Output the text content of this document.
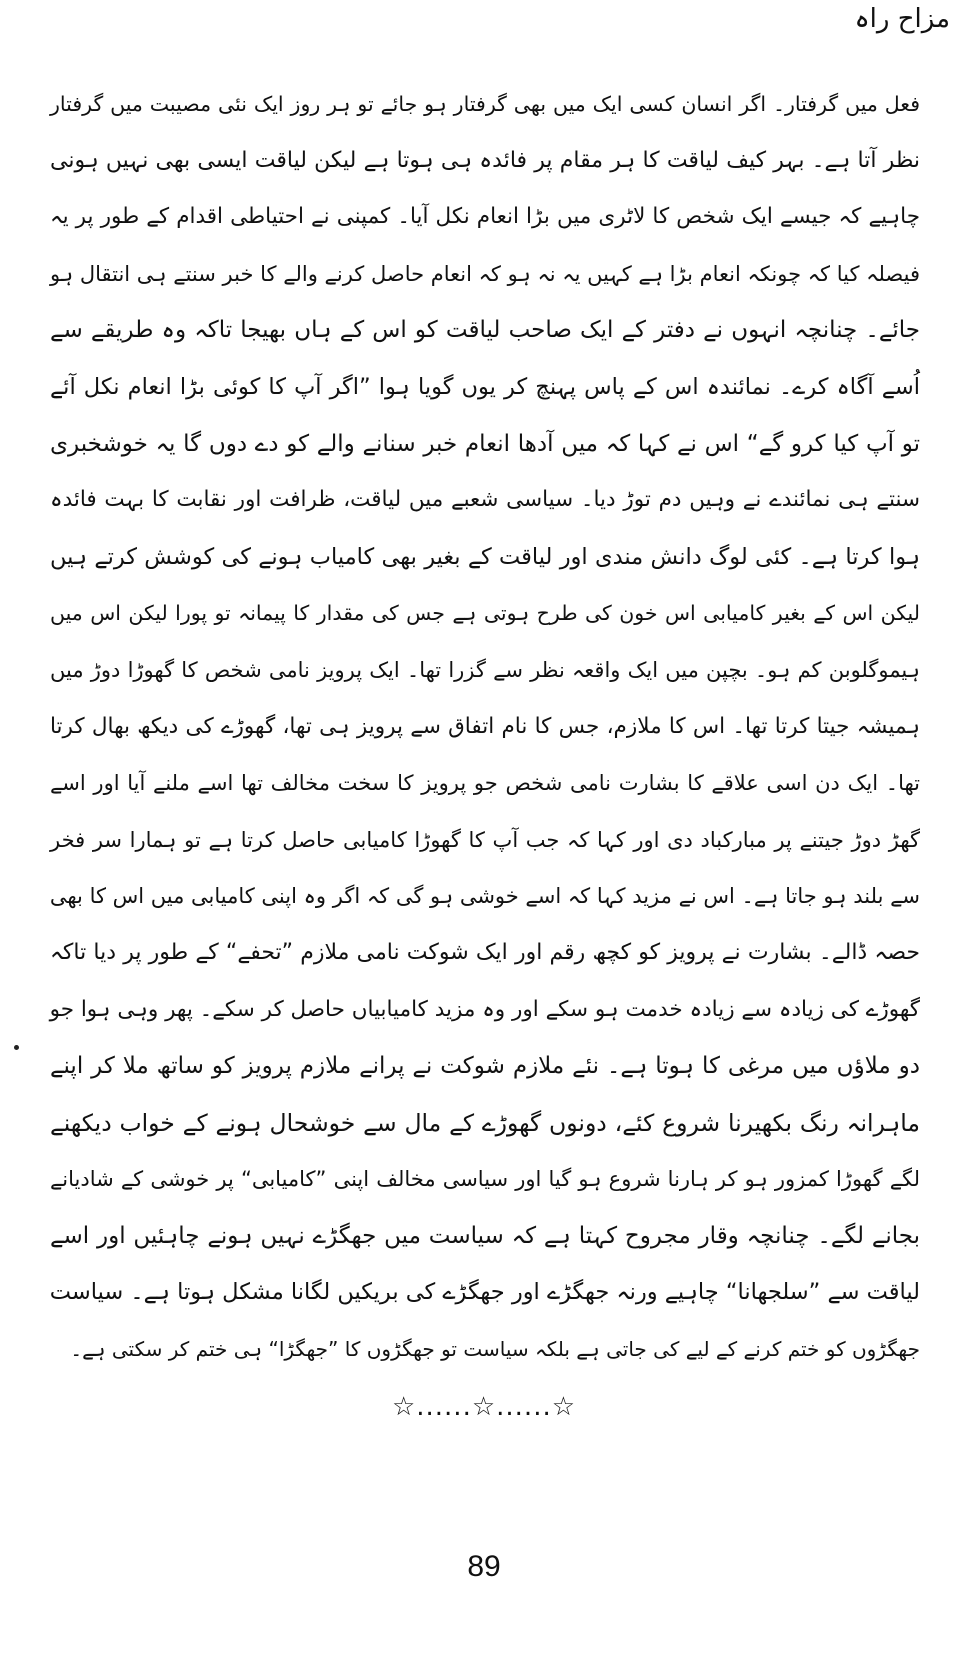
مزاح راہ
فعل میں گرفتار۔ اگر انسان کسی ایک میں بھی گرفتار ہو جائے تو ہر روز ایک نئی مصیبت میں گرفتار
نظر آتا ہے۔ بہر کیف لیاقت کا ہر مقام پر فائدہ ہی ہوتا ہے لیکن لیاقت ایسی بھی نہیں ہونی
چاہیے کہ جیسے ایک شخص کا لاٹری میں بڑا انعام نکل آیا۔ کمپنی نے احتیاطی اقدام کے طور پر یہ
فیصلہ کیا کہ چونکہ انعام بڑا ہے کہیں یہ نہ ہو کہ انعام حاصل کرنے والے کا خبر سنتے ہی انتقال ہو
جائے۔ چنانچہ انہوں نے دفتر کے ایک صاحب لیاقت کو اس کے ہاں بھیجا تاکہ وہ طریقے سے
اُسے آگاہ کرے۔ نمائندہ اس کے پاس پہنچ کر یوں گویا ہوا ”اگر آپ کا کوئی بڑا انعام نکل آئے
تو آپ کیا کرو گے“ اس نے کہا کہ میں آدھا انعام خبر سنانے والے کو دے دوں گا یہ خوشخبری
سنتے ہی نمائندے نے وہیں دم توڑ دیا۔ سیاسی شعبے میں لیاقت، ظرافت اور نقابت کا بہت فائدہ
ہوا کرتا ہے۔ کئی لوگ دانش مندی اور لیاقت کے بغیر بھی کامیاب ہونے کی کوشش کرتے ہیں
لیکن اس کے بغیر کامیابی اس خون کی طرح ہوتی ہے جس کی مقدار کا پیمانہ تو پورا لیکن اس میں
ہیموگلوبن کم ہو۔ بچپن میں ایک واقعہ نظر سے گزرا تھا۔ ایک پرویز نامی شخص کا گھوڑا دوڑ میں
ہمیشہ جیتا کرتا تھا۔ اس کا ملازم، جس کا نام اتفاق سے پرویز ہی تھا، گھوڑے کی دیکھ بھال کرتا
تھا۔ ایک دن اسی علاقے کا بشارت نامی شخص جو پرویز کا سخت مخالف تھا اسے ملنے آیا اور اسے
گھڑ دوڑ جیتنے پر مبارکباد دی اور کہا کہ جب آپ کا گھوڑا کامیابی حاصل کرتا ہے تو ہمارا سر فخر
سے بلند ہو جاتا ہے۔ اس نے مزید کہا کہ اسے خوشی ہو گی کہ اگر وہ اپنی کامیابی میں اس کا بھی
حصہ ڈالے۔ بشارت نے پرویز کو کچھ رقم اور ایک شوکت نامی ملازم ”تحفے“ کے طور پر دیا تاکہ
گھوڑے کی زیادہ سے زیادہ خدمت ہو سکے اور وہ مزید کامیابیاں حاصل کر سکے۔ پھر وہی ہوا جو
دو ملاؤں میں مرغی کا ہوتا ہے۔ نئے ملازم شوکت نے پرانے ملازم پرویز کو ساتھ ملا کر اپنے
ماہرانہ رنگ بکھیرنا شروع کئے، دونوں گھوڑے کے مال سے خوشحال ہونے کے خواب دیکھنے
لگے گھوڑا کمزور ہو کر ہارنا شروع ہو گیا اور سیاسی مخالف اپنی ”کامیابی“ پر خوشی کے شادیانے
بجانے لگے۔ چنانچہ وقار مجروح کہتا ہے کہ سیاست میں جھگڑے نہیں ہونے چاہئیں اور اسے
لیاقت سے ”سلجھانا“ چاہیے ورنہ جھگڑے اور جھگڑے کی بریکیں لگانا مشکل ہوتا ہے۔ سیاست
جھگڑوں کو ختم کرنے کے لیے کی جاتی ہے بلکہ سیاست تو جھگڑوں کا ”جھگڑا“ ہی ختم کر سکتی ہے۔
☆......☆......☆
89
